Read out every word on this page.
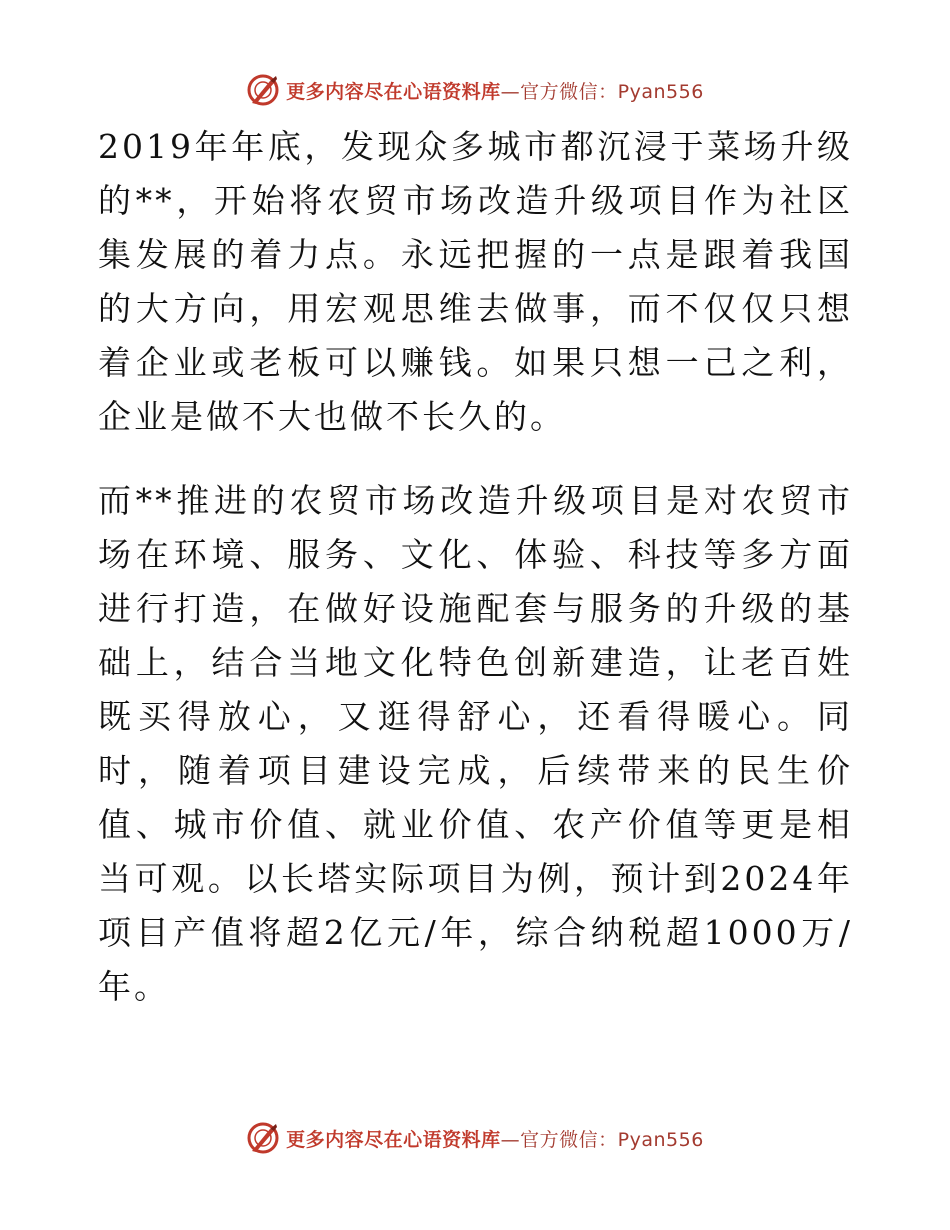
更多内容尽在心语资料库—官方微信：Pyan556

2019年年底，发现众多城市都沉浸于菜场升级的**，开始将农贸市场改造升级项目作为社区集发展的着力点。永远把握的一点是跟着我国的大方向，用宏观思维去做事，而不仅仅只想着企业或老板可以赚钱。如果只想一己之利，企业是做不大也做不长久的。

而**推进的农贸市场改造升级项目是对农贸市场在环境、服务、文化、体验、科技等多方面进行打造，在做好设施配套与服务的升级的基础上，结合当地文化特色创新建造，让老百姓既买得放心，又逛得舒心，还看得暖心。同时，随着项目建设完成，后续带来的民生价值、城市价值、就业价值、农产价值等更是相当可观。以长塔实际项目为例，预计到2024年项目产值将超2亿元/年，综合纳税超1000万/年。

更多内容尽在心语资料库—官方微信：Pyan556
